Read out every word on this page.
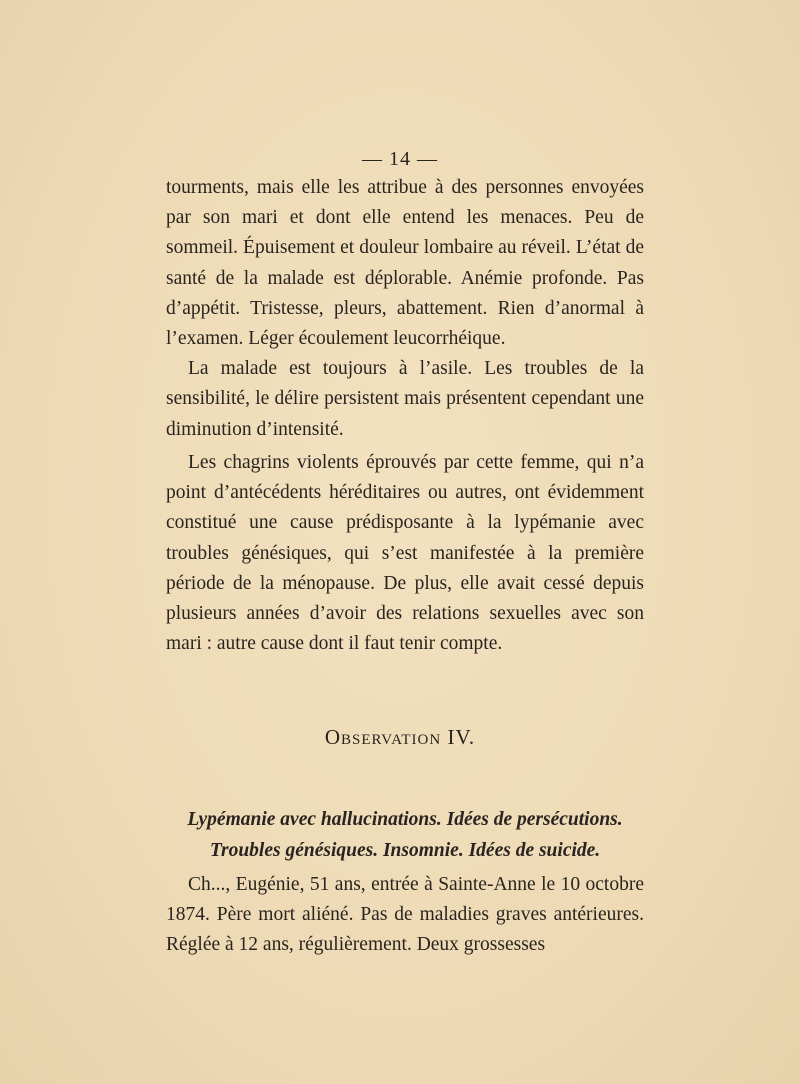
— 14 —

tourments, mais elle les attribue à des personnes envoyées par son mari et dont elle entend les menaces. Peu de sommeil. Épuisement et douleur lombaire au réveil. L’état de santé de la malade est déplorable. Anémie profonde. Pas d’appétit. Tristesse, pleurs, abattement. Rien d’anormal à l’examen. Léger écoulement leucorrhéique.

La malade est toujours à l’asile. Les troubles de la sensibilité, le délire persistent mais présentent cependant une diminution d’intensité.

Les chagrins violents éprouvés par cette femme, qui n’a point d’antécédents héréditaires ou autres, ont évidemment constitué une cause prédisposante à la lypémanie avec troubles génésiques, qui s’est manifestée à la première période de la ménopause. De plus, elle avait cessé depuis plusieurs années d’avoir des relations sexuelles avec son mari : autre cause dont il faut tenir compte.

Observation IV.
Lypémanie avec hallucinations. Idées de persécutions.
Troubles génésiques. Insomnie. Idées de suicide.

Ch..., Eugénie, 51 ans, entrée à Sainte-Anne le 10 octobre 1874. Père mort aliéné. Pas de maladies graves antérieures. Réglée à 12 ans, régulièrement. Deux grossesses
